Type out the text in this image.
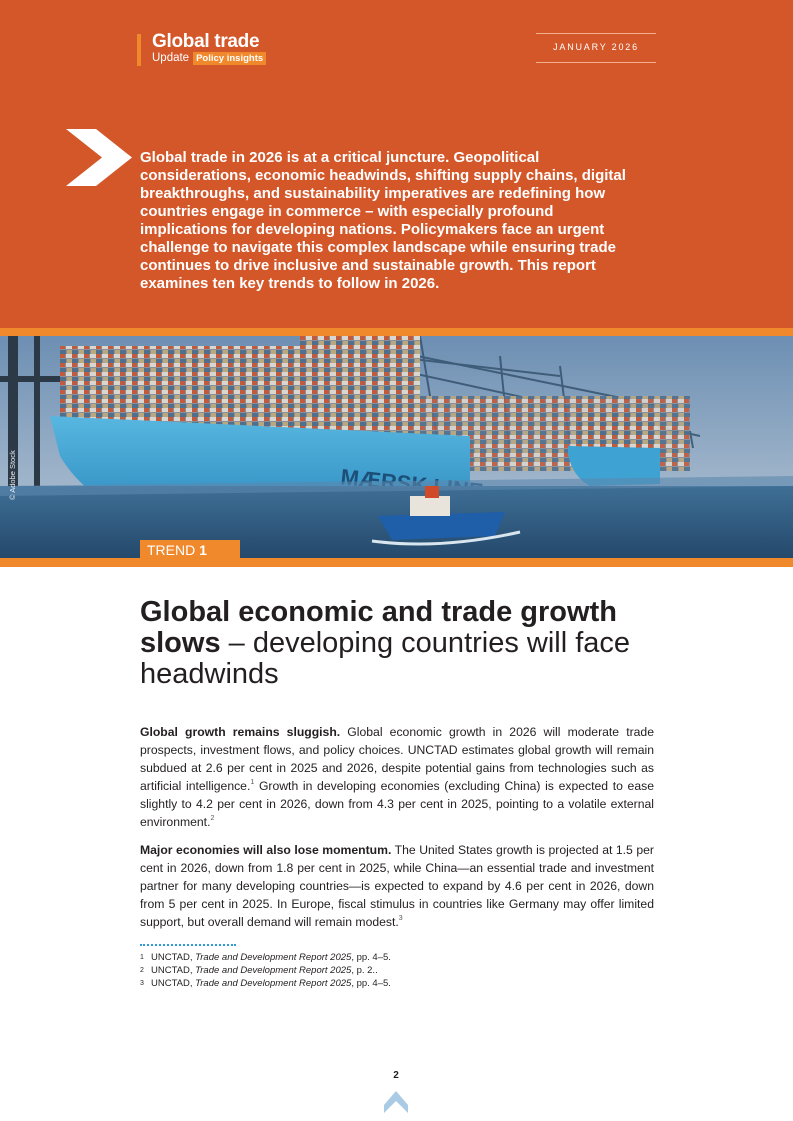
Global trade
Update Policy insights
JANUARY 2026

Global trade in 2026 is at a critical juncture. Geopolitical considerations, economic headwinds, shifting supply chains, digital breakthroughs, and sustainability imperatives are redefining how countries engage in commerce – with especially profound implications for developing nations. Policymakers face an urgent challenge to navigate this complex landscape while ensuring trade continues to drive inclusive and sustainable growth. This report examines ten key trends to follow in 2026.

© Adobe Stock
TREND 1
Global economic and trade growth slows – developing countries will face headwinds

Global growth remains sluggish. Global economic growth in 2026 will moderate trade prospects, investment flows, and policy choices. UNCTAD estimates global growth will remain subdued at 2.6 per cent in 2025 and 2026, despite potential gains from technologies such as artificial intelligence.$^1$ Growth in developing economies (excluding China) is expected to ease slightly to 4.2 per cent in 2026, down from 4.3 per cent in 2025, pointing to a volatile external environment.$^2$

Major economies will also lose momentum. The United States growth is projected at 1.5 per cent in 2026, down from 1.8 per cent in 2025, while China—an essential trade and investment partner for many developing countries—is expected to expand by 4.6 per cent in 2026, down from 5 per cent in 2025. In Europe, fiscal stimulus in countries like Germany may offer limited support, but overall demand will remain modest.$^3$

1 UNCTAD, Trade and Development Report 2025, pp. 4–5.
2 UNCTAD, Trade and Development Report 2025, p. 2..
3 UNCTAD, Trade and Development Report 2025, pp. 4–5.
2
